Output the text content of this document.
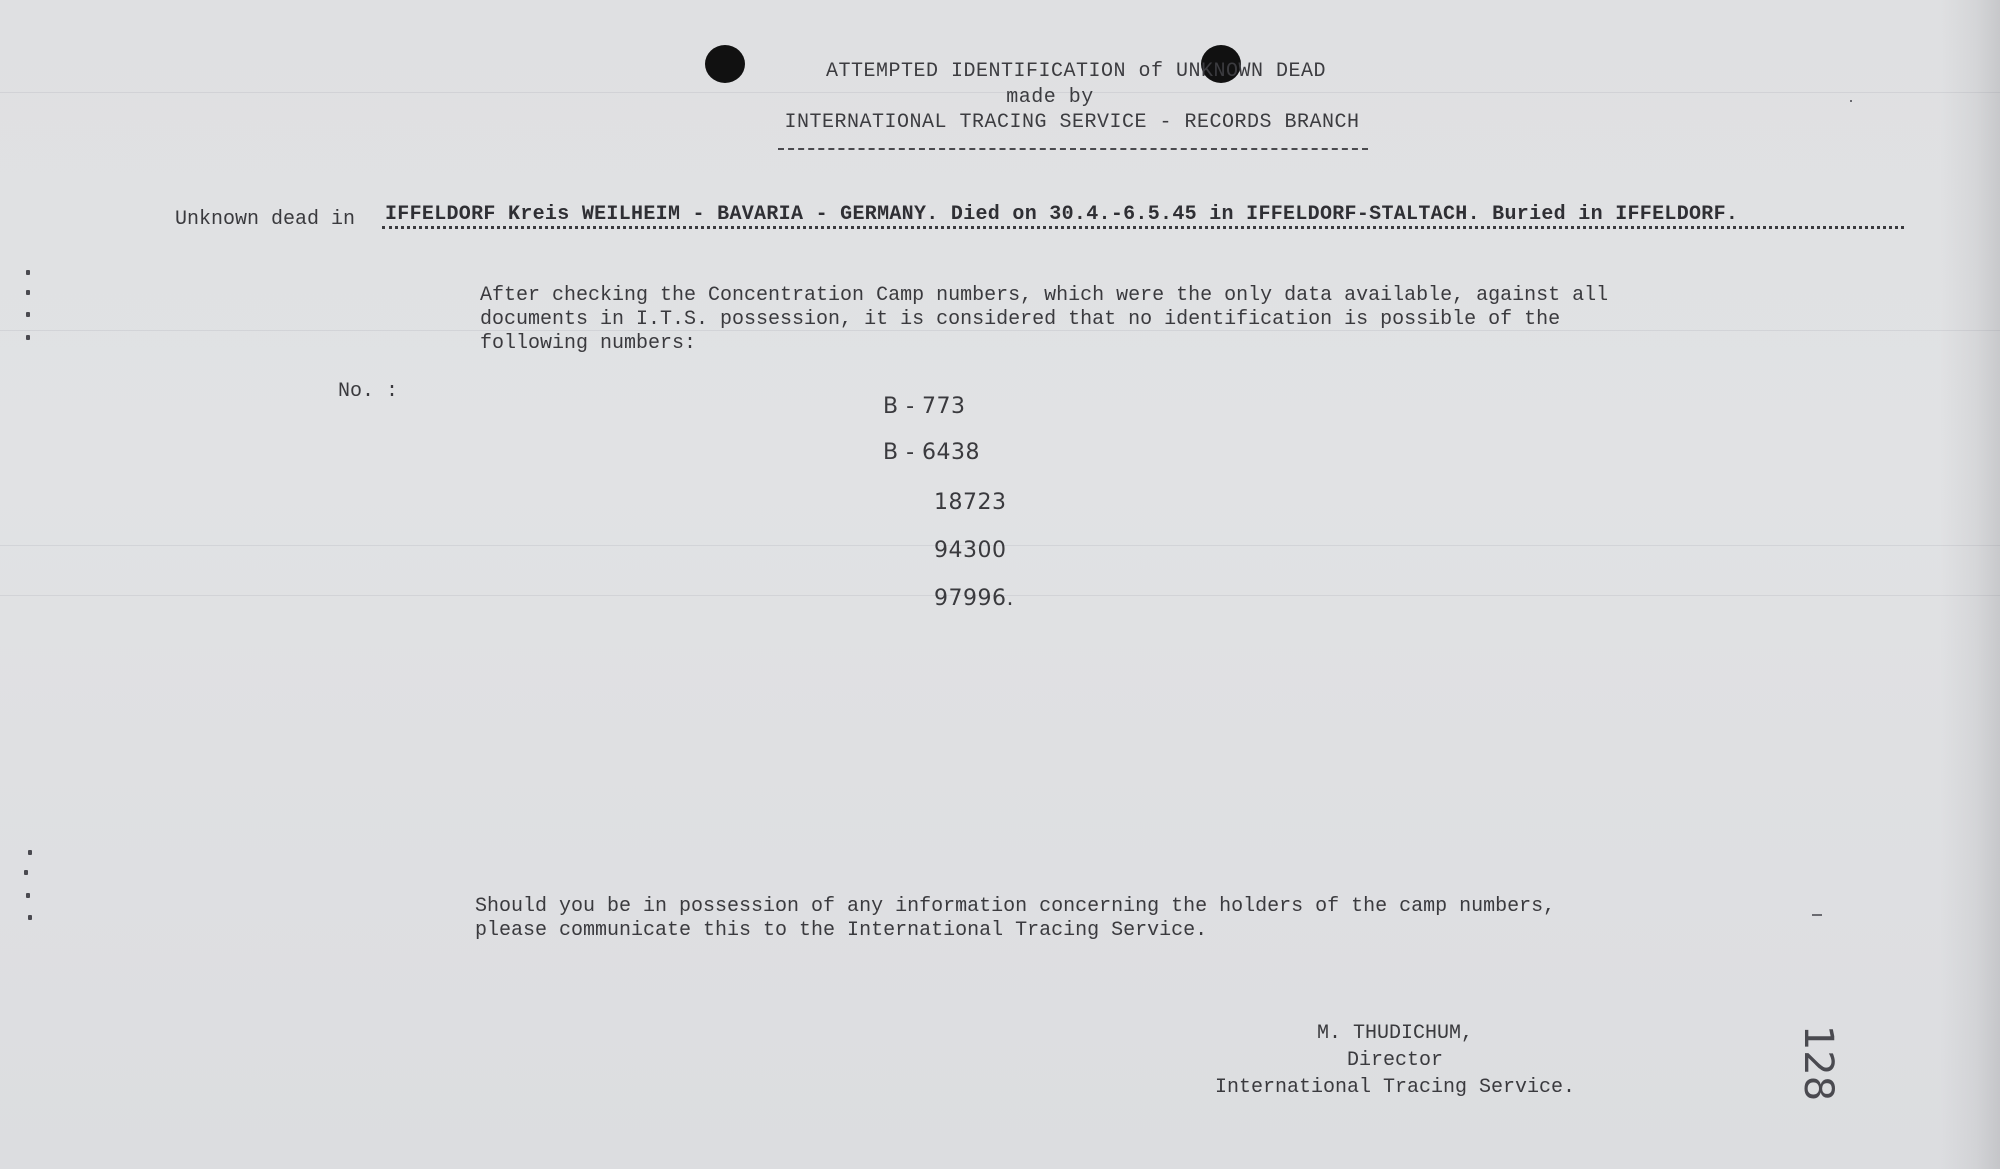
ATTEMPTED IDENTIFICATION of UNKNOWN DEAD
made by
INTERNATIONAL TRACING SERVICE - RECORDS BRANCH
Unknown dead in IFFELDORF Kreis WEILHEIM - BAVARIA - GERMANY. Died on 30.4.-6.5.45 in IFFELDORF-STALTACH. Buried in IFFELDORF.
After checking the Concentration Camp numbers, which were the only data available, against all
documents in I.T.S. possession, it is considered that no identification is possible of the
following numbers:
No. :
B - 773
B - 6438
18723
94300
97996.
Should you be in possession of any information concerning the holders of the camp numbers,
please communicate this to the International Tracing Service.
M. THUDICHUM,
Director
International Tracing Service.	128
